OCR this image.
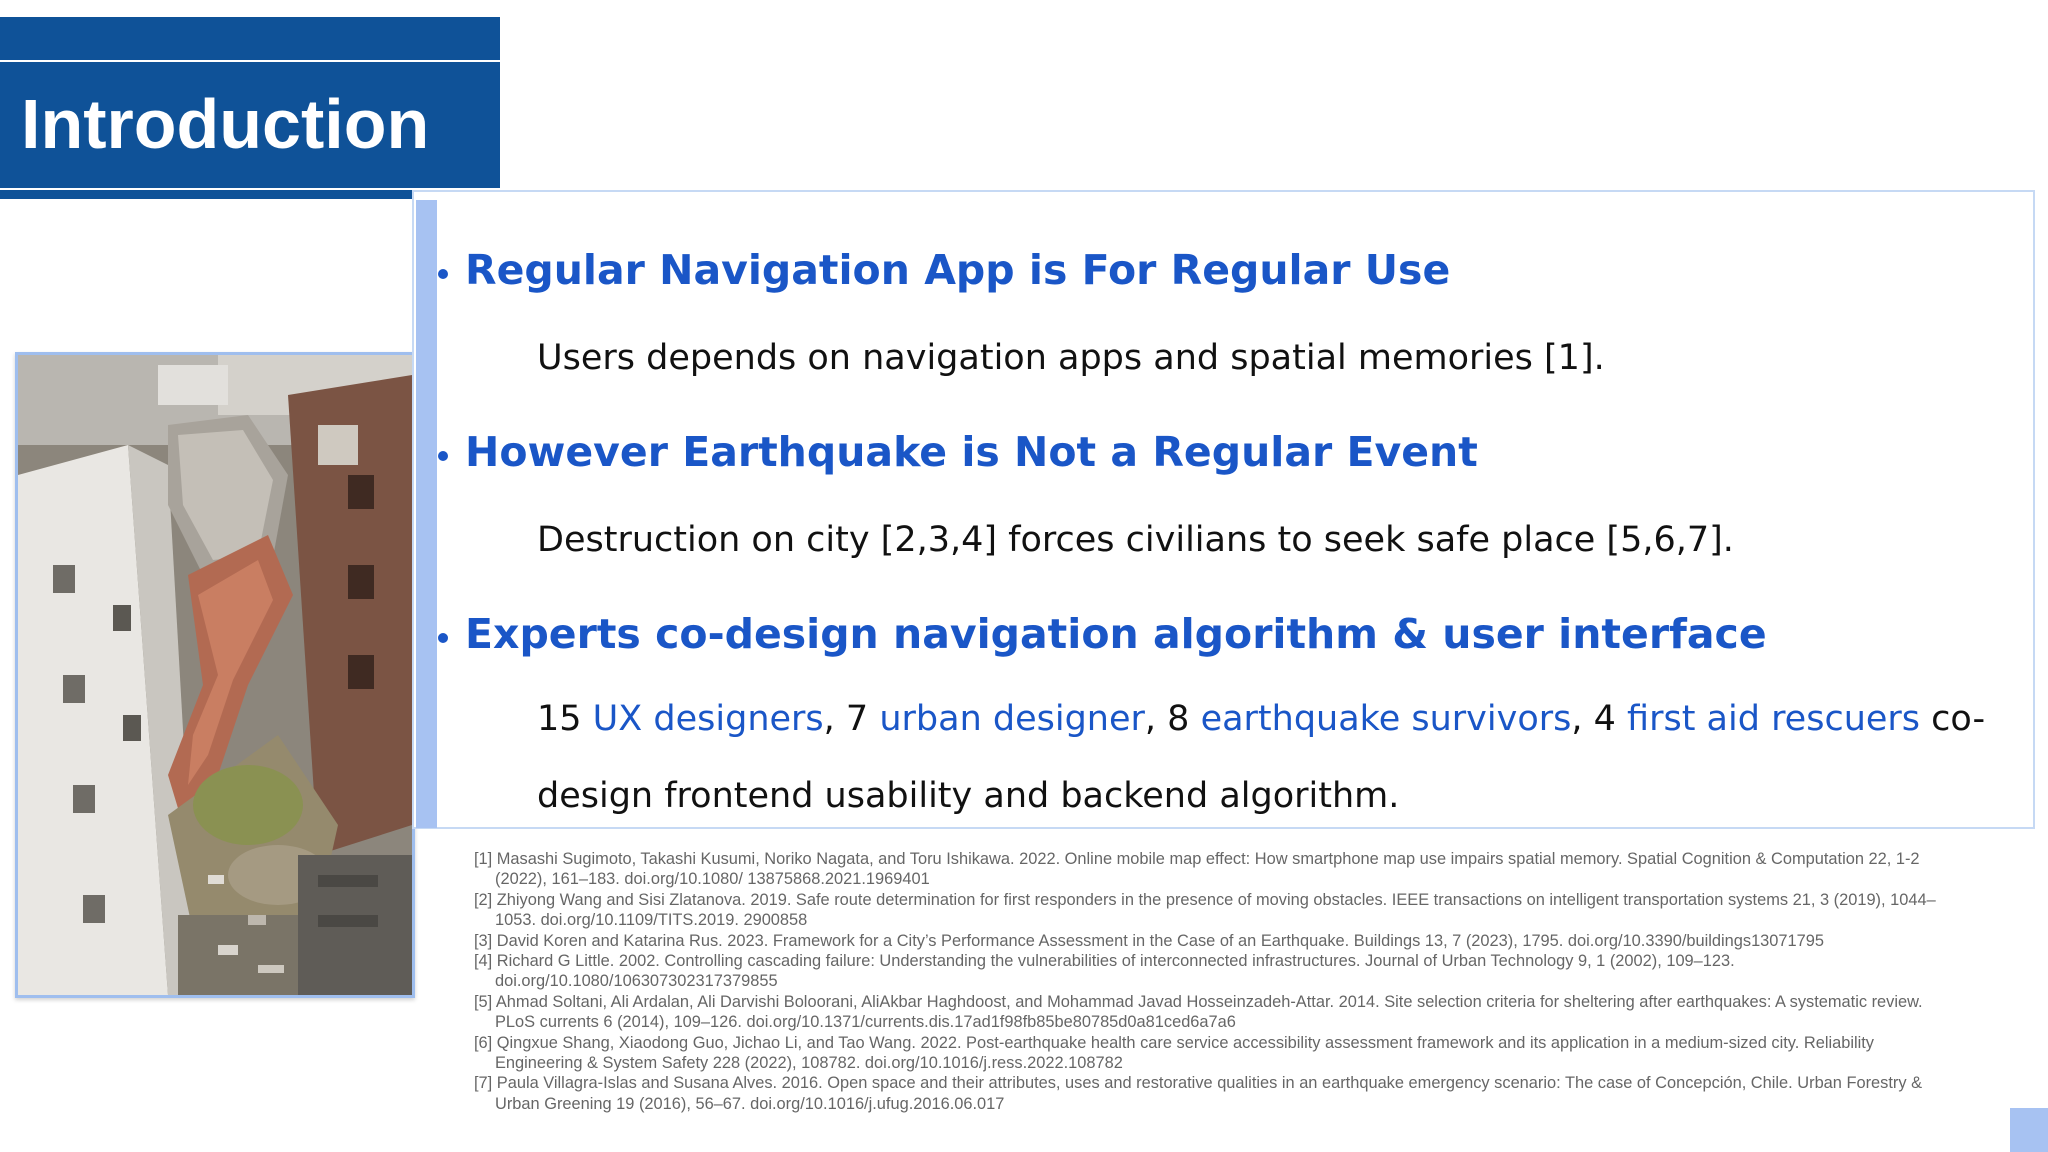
Introduction
Regular Navigation App is For Regular Use
Users depends on navigation apps and spatial memories [1].
However Earthquake is Not a Regular Event
Destruction on city [2,3,4] forces civilians to seek safe place [5,6,7].
Experts co-design navigation algorithm & user interface
15 UX designers, 7 urban designer, 8 earthquake survivors, 4 first aid rescuers co-
design frontend usability and backend algorithm.

[1] Masashi Sugimoto, Takashi Kusumi, Noriko Nagata, and Toru Ishikawa. 2022. Online mobile map effect: How smartphone map use impairs spatial memory. Spatial Cognition & Computation 22, 1-2 (2022), 161–183. doi.org/10.1080/ 13875868.2021.1969401

[2] Zhiyong Wang and Sisi Zlatanova. 2019. Safe route determination for first responders in the presence of moving obstacles. IEEE transactions on intelligent transportation systems 21, 3 (2019), 1044–1053. doi.org/10.1109/TITS.2019. 2900858

[3] David Koren and Katarina Rus. 2023. Framework for a City’s Performance Assessment in the Case of an Earthquake. Buildings 13, 7 (2023), 1795. doi.org/10.3390/buildings13071795

[4] Richard G Little. 2002. Controlling cascading failure: Understanding the vulnerabilities of interconnected infrastructures. Journal of Urban Technology 9, 1 (2002), 109–123. doi.org/10.1080/106307302317379855

[5] Ahmad Soltani, Ali Ardalan, Ali Darvishi Boloorani, AliAkbar Haghdoost, and Mohammad Javad Hosseinzadeh-Attar. 2014. Site selection criteria for sheltering after earthquakes: A systematic review. PLoS currents 6 (2014), 109–126. doi.org/10.1371/currents.dis.17ad1f98fb85be80785d0a81ced6a7a6

[6] Qingxue Shang, Xiaodong Guo, Jichao Li, and Tao Wang. 2022. Post-earthquake health care service accessibility assessment framework and its application in a medium-sized city. Reliability Engineering & System Safety 228 (2022), 108782. doi.org/10.1016/j.ress.2022.108782

[7] Paula Villagra-Islas and Susana Alves. 2016. Open space and their attributes, uses and restorative qualities in an earthquake emergency scenario: The case of Concepción, Chile. Urban Forestry & Urban Greening 19 (2016), 56–67. doi.org/10.1016/j.ufug.2016.06.017
